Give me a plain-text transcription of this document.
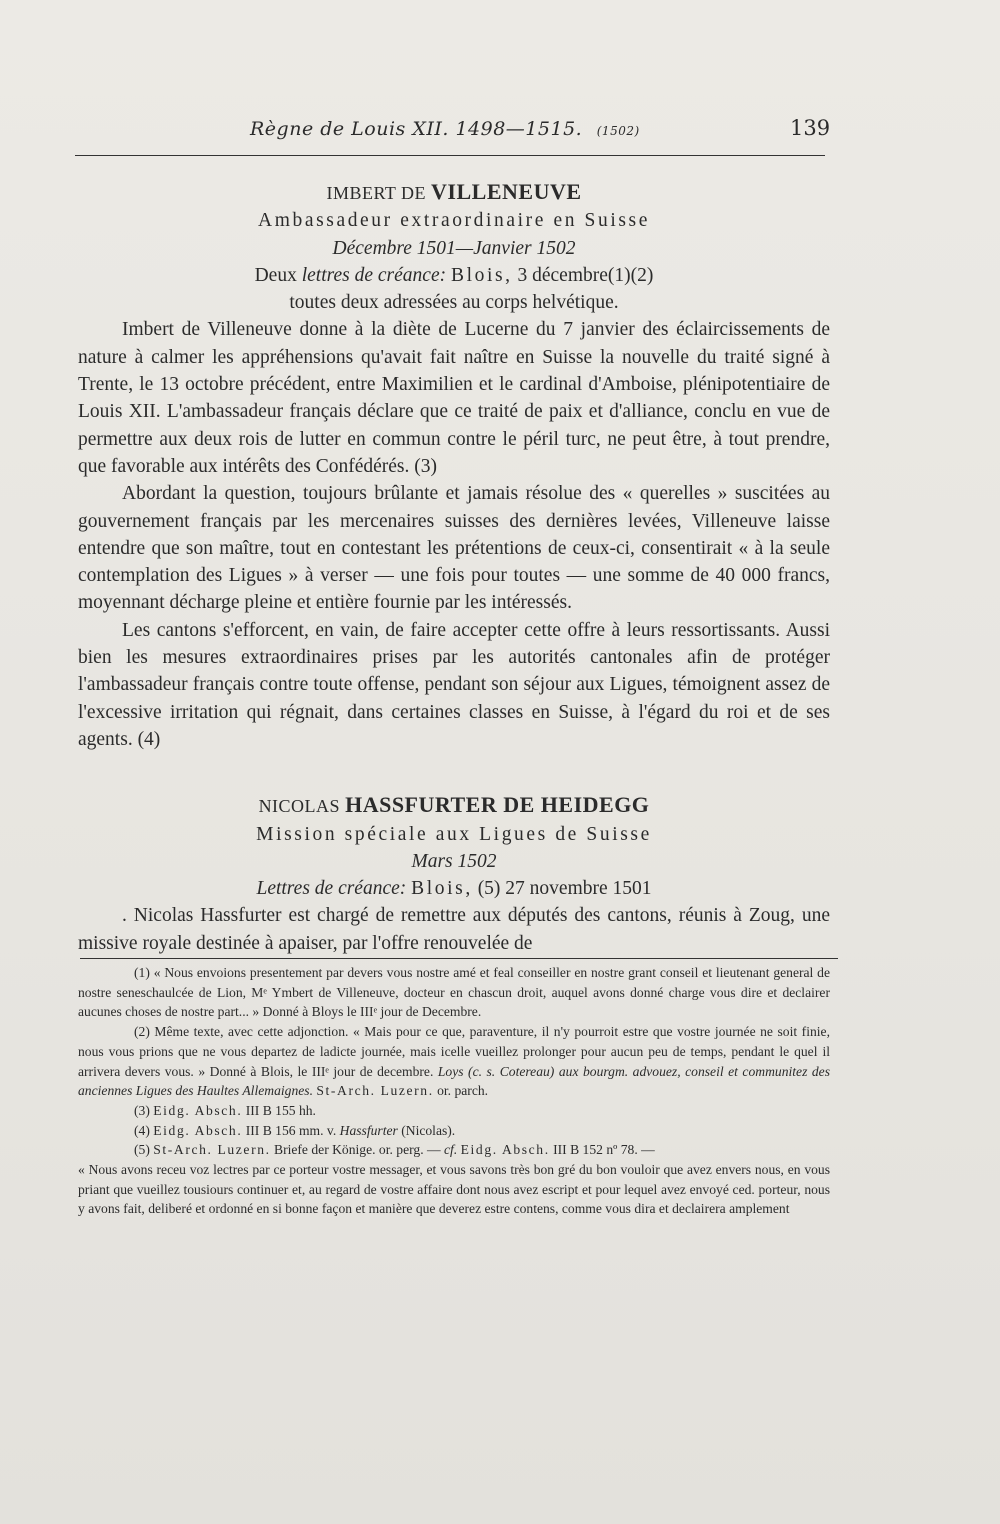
Règne de Louis XII. 1498—1515. (1502)	139
IMBERT DE VILLENEUVE
Ambassadeur extraordinaire en Suisse
Décembre 1501—Janvier 1502
Deux lettres de créance: Blois, 3 décembre(1)(2)
toutes deux adressées au corps helvétique.

Imbert de Villeneuve donne à la diète de Lucerne du 7 janvier des éclaircissements de nature à calmer les appréhensions qu'avait fait naître en Suisse la nouvelle du traité signé à Trente, le 13 octobre précédent, entre Maximilien et le cardinal d'Amboise, plénipotentiaire de Louis XII. L'ambassadeur français déclare que ce traité de paix et d'alliance, conclu en vue de permettre aux deux rois de lutter en commun contre le péril turc, ne peut être, à tout prendre, que favorable aux intérêts des Confédérés. (3)

Abordant la question, toujours brûlante et jamais résolue des « querelles » suscitées au gouvernement français par les mercenaires suisses des dernières levées, Villeneuve laisse entendre que son maître, tout en contestant les prétentions de ceux-ci, consentirait « à la seule contemplation des Ligues » à verser — une fois pour toutes — une somme de 40 000 francs, moyennant décharge pleine et entière fournie par les intéressés.

Les cantons s'efforcent, en vain, de faire accepter cette offre à leurs ressortissants. Aussi bien les mesures extraordinaires prises par les autorités cantonales afin de protéger l'ambassadeur français contre toute offense, pendant son séjour aux Ligues, témoignent assez de l'excessive irritation qui régnait, dans certaines classes en Suisse, à l'égard du roi et de ses agents. (4)

NICOLAS HASSFURTER DE HEIDEGG
Mission spéciale aux Ligues de Suisse
Mars 1502
Lettres de créance: Blois, (5) 27 novembre 1501

. Nicolas Hassfurter est chargé de remettre aux députés des cantons, réunis à Zoug, une missive royale destinée à apaiser, par l'offre renouvelée de

(1) « Nous envoions presentement par devers vous nostre amé et feal conseiller en nostre grant conseil et lieutenant general de nostre seneschaulcée de Lion, Mᵉ Ymbert de Villeneuve, docteur en chascun droit, auquel avons donné charge vous dire et declairer aucunes choses de nostre part... » Donné à Bloys le IIIᵉ jour de Decembre.
(2) Même texte, avec cette adjonction. « Mais pour ce que, paraventure, il n'y pourroit estre que vostre journée ne soit finie, nous vous prions que ne vous departez de ladicte journée, mais icelle vueillez prolonger pour aucun peu de temps, pendant le quel il arrivera devers vous. » Donné à Blois, le IIIᵉ jour de decembre. Loys (c. s. Cotereau) aux bourgm. advouez, conseil et communitez des anciennes Ligues des Haultes Allemaignes. St-Arch. Luzern. or. parch.
(3) Eidg. Absch. III B 155 hh.
(4) Eidg. Absch. III B 156 mm. v. Hassfurter (Nicolas).
(5) St-Arch. Luzern. Briefe der Könige. or. perg. — cf. Eidg. Absch. III B 152 nº 78. —
« Nous avons receu voz lectres par ce porteur vostre messager, et vous savons très bon gré du bon vouloir que avez envers nous, en vous priant que vueillez tousiours continuer et, au regard de vostre affaire dont nous avez escript et pour lequel avez envoyé ced. porteur, nous y avons fait, deliberé et ordonné en si bonne façon et manière que deverez estre contens, comme vous dira et declairera amplement
